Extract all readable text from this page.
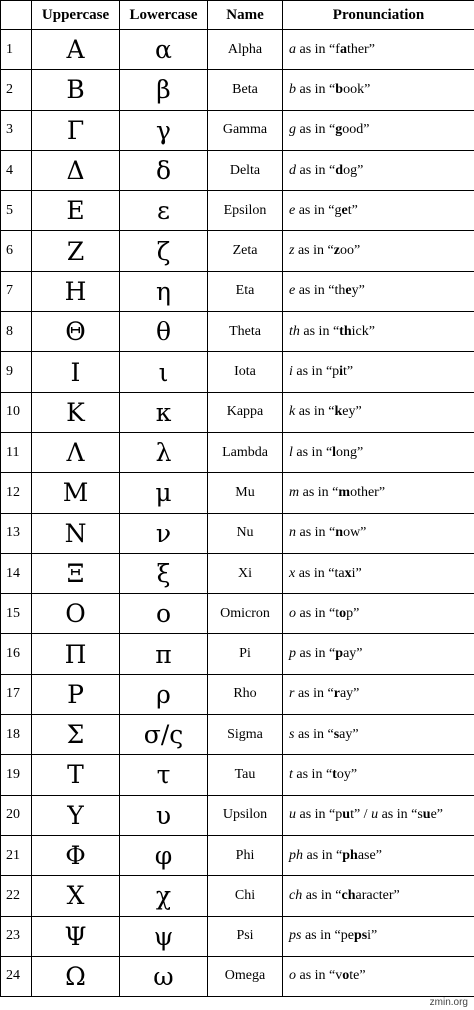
	Uppercase	Lowercase	Name	Pronunciation
1	Α	α	Alpha	a as in “father”
2	Β	β	Beta	b as in “book”
3	Γ	γ	Gamma	g as in “good”
4	Δ	δ	Delta	d as in “dog”
5	Ε	ε	Epsilon	e as in “get”
6	Ζ	ζ	Zeta	z as in “zoo”
7	Η	η	Eta	e as in “they”
8	Θ	θ	Theta	th as in “thick”
9	Ι	ι	Iota	i as in “pit”
10	Κ	κ	Kappa	k as in “key”
11	Λ	λ	Lambda	l as in “long”
12	Μ	μ	Mu	m as in “mother”
13	Ν	ν	Nu	n as in “now”
14	Ξ	ξ	Xi	x as in “taxi”
15	Ο	ο	Omicron	o as in “top”
16	Π	π	Pi	p as in “pay”
17	Ρ	ρ	Rho	r as in “ray”
18	Σ	σ/ς	Sigma	s as in “say”
19	Τ	τ	Tau	t as in “toy”
20	Υ	υ	Upsilon	u as in “put” / u as in “sue”
21	Φ	φ	Phi	ph as in “phase”
22	Χ	χ	Chi	ch as in “character”
23	Ψ	ψ	Psi	ps as in “pepsi”
24	Ω	ω	Omega	o as in “vote”
zmin.org
